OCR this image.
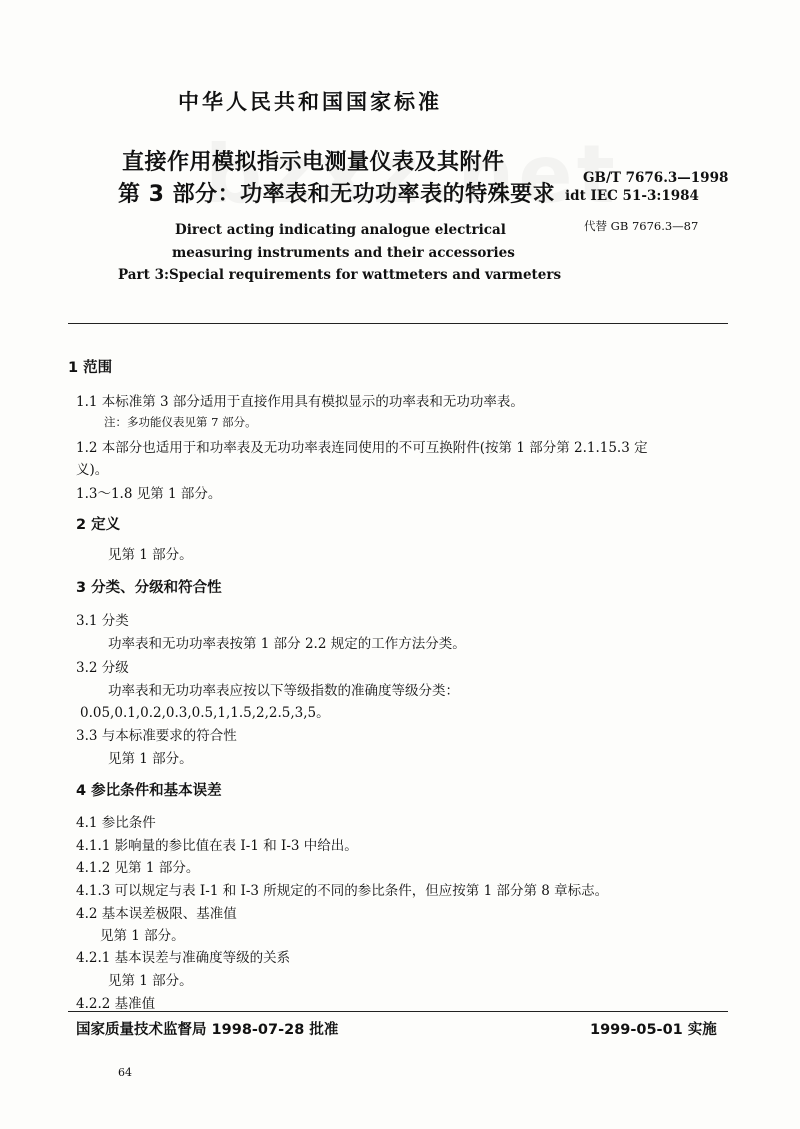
中华人民共和国国家标准
直接作用模拟指示电测量仪表及其附件
第 3 部分：功率表和无功功率表的特殊要求
GB/T 7676.3—1998
idt IEC 51-3:1984
代替 GB 7676.3—87
Direct acting indicating analogue electrical
measuring instruments and their accessories
Part 3:Special requirements for wattmeters and varmeters
1 范围
1.1 本标准第 3 部分适用于直接作用具有模拟显示的功率表和无功功率表。
注：多功能仪表见第 7 部分。
1.2 本部分也适用于和功率表及无功功率表连同使用的不可互换附件(按第 1 部分第 2.1.15.3 定
义)。
1.3～1.8 见第 1 部分。
2 定义
见第 1 部分。
3 分类、分级和符合性
3.1 分类
功率表和无功功率表按第 1 部分 2.2 规定的工作方法分类。
3.2 分级
功率表和无功功率表应按以下等级指数的准确度等级分类：
0.05,0.1,0.2,0.3,0.5,1,1.5,2,2.5,3,5。
3.3 与本标准要求的符合性
见第 1 部分。
4 参比条件和基本误差
4.1 参比条件
4.1.1 影响量的参比值在表 I-1 和 I-3 中给出。
4.1.2 见第 1 部分。
4.1.3 可以规定与表 I-1 和 I-3 所规定的不同的参比条件，但应按第 1 部分第 8 章标志。
4.2 基本误差极限、基准值
见第 1 部分。
4.2.1 基本误差与准确度等级的关系
见第 1 部分。
4.2.2 基准值
国家质量技术监督局 1998-07-28 批准	1999-05-01 实施
64
